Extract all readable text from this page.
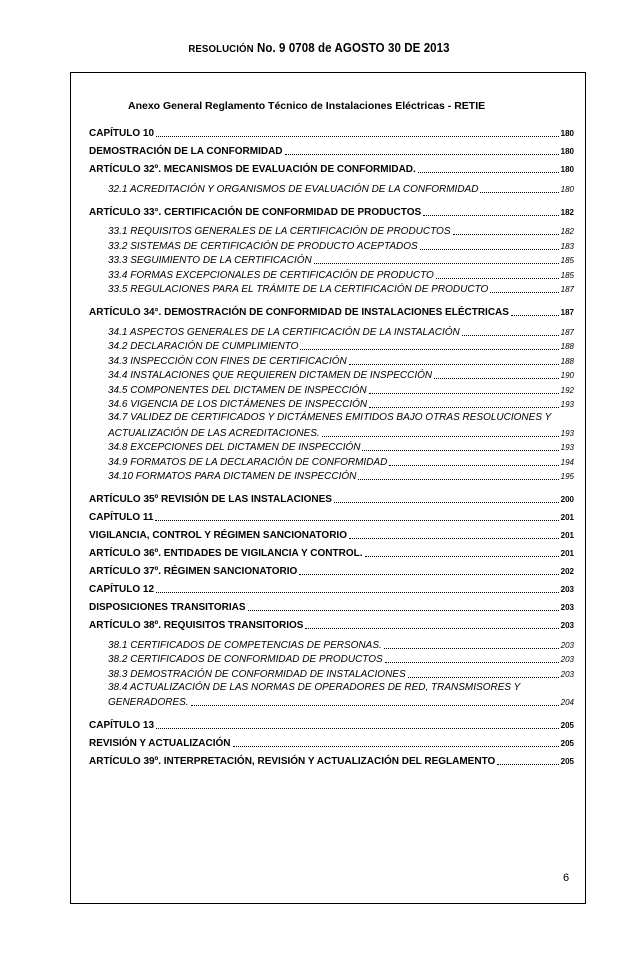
RESOLUCIÓN No. 9 0708 de AGOSTO 30 DE 2013
Anexo General Reglamento Técnico de Instalaciones Eléctricas - RETIE
CAPÍTULO 10	180
DEMOSTRACIÓN DE LA CONFORMIDAD	180
ARTÍCULO 32º. MECANISMOS DE EVALUACIÓN DE CONFORMIDAD.	180
32.1 ACREDITACIÓN Y ORGANISMOS DE EVALUACIÓN DE LA CONFORMIDAD	180
ARTÍCULO 33°. CERTIFICACIÓN DE CONFORMIDAD DE PRODUCTOS	182
33.1 REQUISITOS GENERALES DE LA CERTIFICACIÓN DE PRODUCTOS	182
33.2 SISTEMAS DE CERTIFICACIÓN DE PRODUCTO ACEPTADOS	183
33.3 SEGUIMIENTO DE LA CERTIFICACIÓN	185
33.4 FORMAS EXCEPCIONALES DE CERTIFICACIÓN DE PRODUCTO	185
33.5 REGULACIONES PARA EL TRÁMITE DE LA CERTIFICACIÓN DE PRODUCTO	187
ARTÍCULO 34°. DEMOSTRACIÓN DE CONFORMIDAD DE INSTALACIONES ELÉCTRICAS	187
34.1 ASPECTOS GENERALES DE LA CERTIFICACIÓN DE LA INSTALACIÓN	187
34.2 DECLARACIÓN DE CUMPLIMIENTO	188
34.3 INSPECCIÓN CON FINES DE CERTIFICACIÓN	188
34.4 INSTALACIONES QUE REQUIEREN DICTAMEN DE INSPECCIÓN	190
34.5 COMPONENTES DEL DICTAMEN DE INSPECCIÓN	192
34.6 VIGENCIA DE LOS DICTÁMENES DE INSPECCIÓN	193
34.7 VALIDEZ DE CERTIFICADOS Y DICTÁMENES EMITIDOS BAJO OTRAS RESOLUCIONES Y
ACTUALIZACIÓN DE LAS ACREDITACIONES.	193
34.8 EXCEPCIONES DEL DICTAMEN DE INSPECCIÓN	193
34.9 FORMATOS DE LA DECLARACIÓN DE CONFORMIDAD	194
34.10 FORMATOS PARA DICTAMEN DE INSPECCIÓN	195
ARTÍCULO 35º REVISIÓN DE LAS INSTALACIONES	200
CAPÍTULO 11	201
VIGILANCIA, CONTROL Y RÉGIMEN SANCIONATORIO	201
ARTÍCULO 36º. ENTIDADES DE VIGILANCIA Y CONTROL.	201
ARTÍCULO 37º. RÉGIMEN SANCIONATORIO	202
CAPÍTULO 12	203
DISPOSICIONES TRANSITORIAS	203
ARTÍCULO 38º. REQUISITOS TRANSITORIOS	203
38.1 CERTIFICADOS DE COMPETENCIAS DE PERSONAS.	203
38.2 CERTIFICADOS DE CONFORMIDAD DE PRODUCTOS	203
38.3 DEMOSTRACIÓN DE CONFORMIDAD DE INSTALACIONES	203
38.4 ACTUALIZACIÓN DE LAS NORMAS DE OPERADORES DE RED, TRANSMISORES Y
GENERADORES.	204
CAPÍTULO 13	205
REVISIÓN Y ACTUALIZACIÓN	205
ARTÍCULO 39º. INTERPRETACIÓN, REVISIÓN Y ACTUALIZACIÓN DEL REGLAMENTO	205
6
